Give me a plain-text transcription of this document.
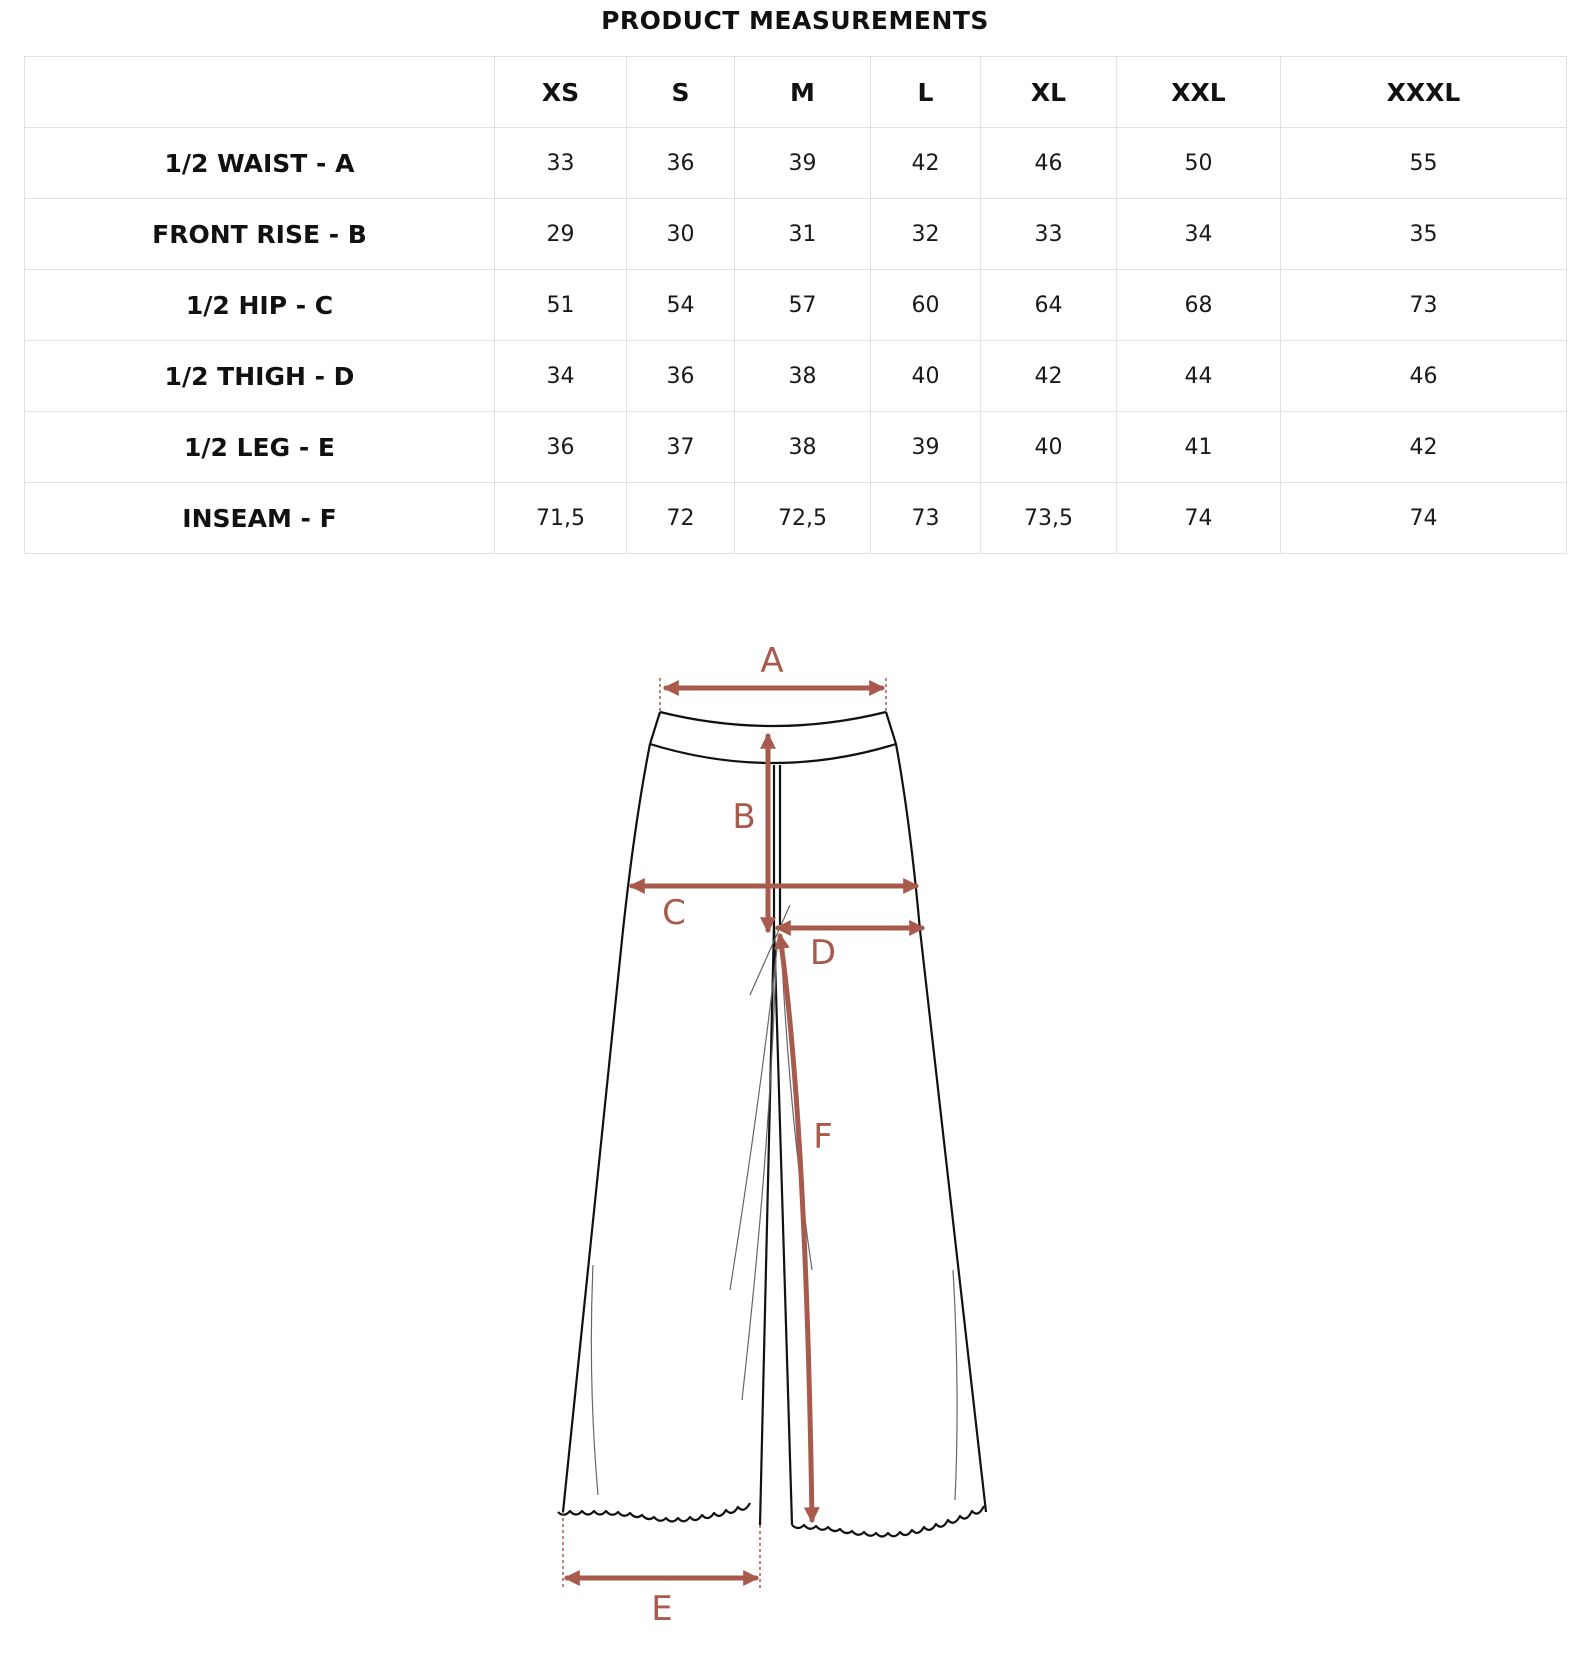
PRODUCT MEASUREMENTS
	XS	S	M	L	XL	XXL	XXXL
1/2 WAIST - A	33	36	39	42	46	50	55
FRONT RISE - B	29	30	31	32	33	34	35
1/2 HIP - C	51	54	57	60	64	68	73
1/2 THIGH - D	34	36	38	40	42	44	46
1/2 LEG - E	36	37	38	39	40	41	42
INSEAM - F	71,5	72	72,5	73	73,5	74	74
A
B
C
D
F
E
